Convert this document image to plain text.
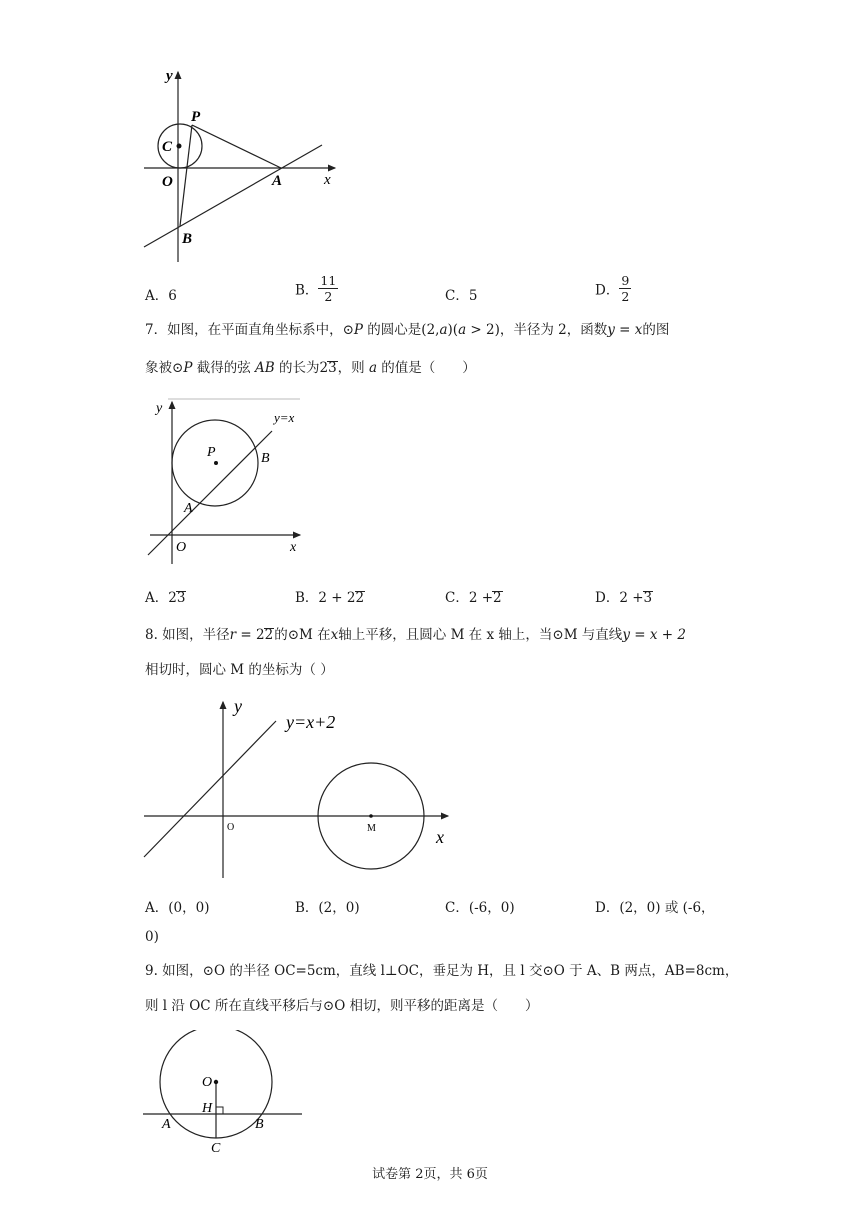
y
x
O
C
P
A
B
A．6	B． $\frac{11}{2}$	C．5	D． $\frac{9}{2}$
7．如图，在平面直角坐标系中，⊙P 的圆心是(2,a)(a > 2)，半径为 2，函数y = x的图
象被⊙P 截得的弦 AB 的长为23，则 a 的值是（　　）
y
x
O
P
A
B
y=x
A．23	B．2 + 22	C．2 +2	D．2 +3
8. 如图，半径r = 22的⊙M 在x轴上平移，且圆心 M 在 x 轴上，当⊙M 与直线y = x + 2
相切时，圆心 M 的坐标为（ ）
y
x
O	M
y=x+2
A．(0，0)	B．(2，0)	C．(-6，0)	D．(2，0) 或 (-6，
0)
9. 如图，⊙O 的半径 OC=5cm，直线 l⊥OC，垂足为 H，且 l 交⊙O 于 A、B 两点，AB=8cm，
则 l 沿 OC 所在直线平移后与⊙O 相切，则平移的距离是（　　）
O
H
A	B
C
试卷第 2页，共 6页
